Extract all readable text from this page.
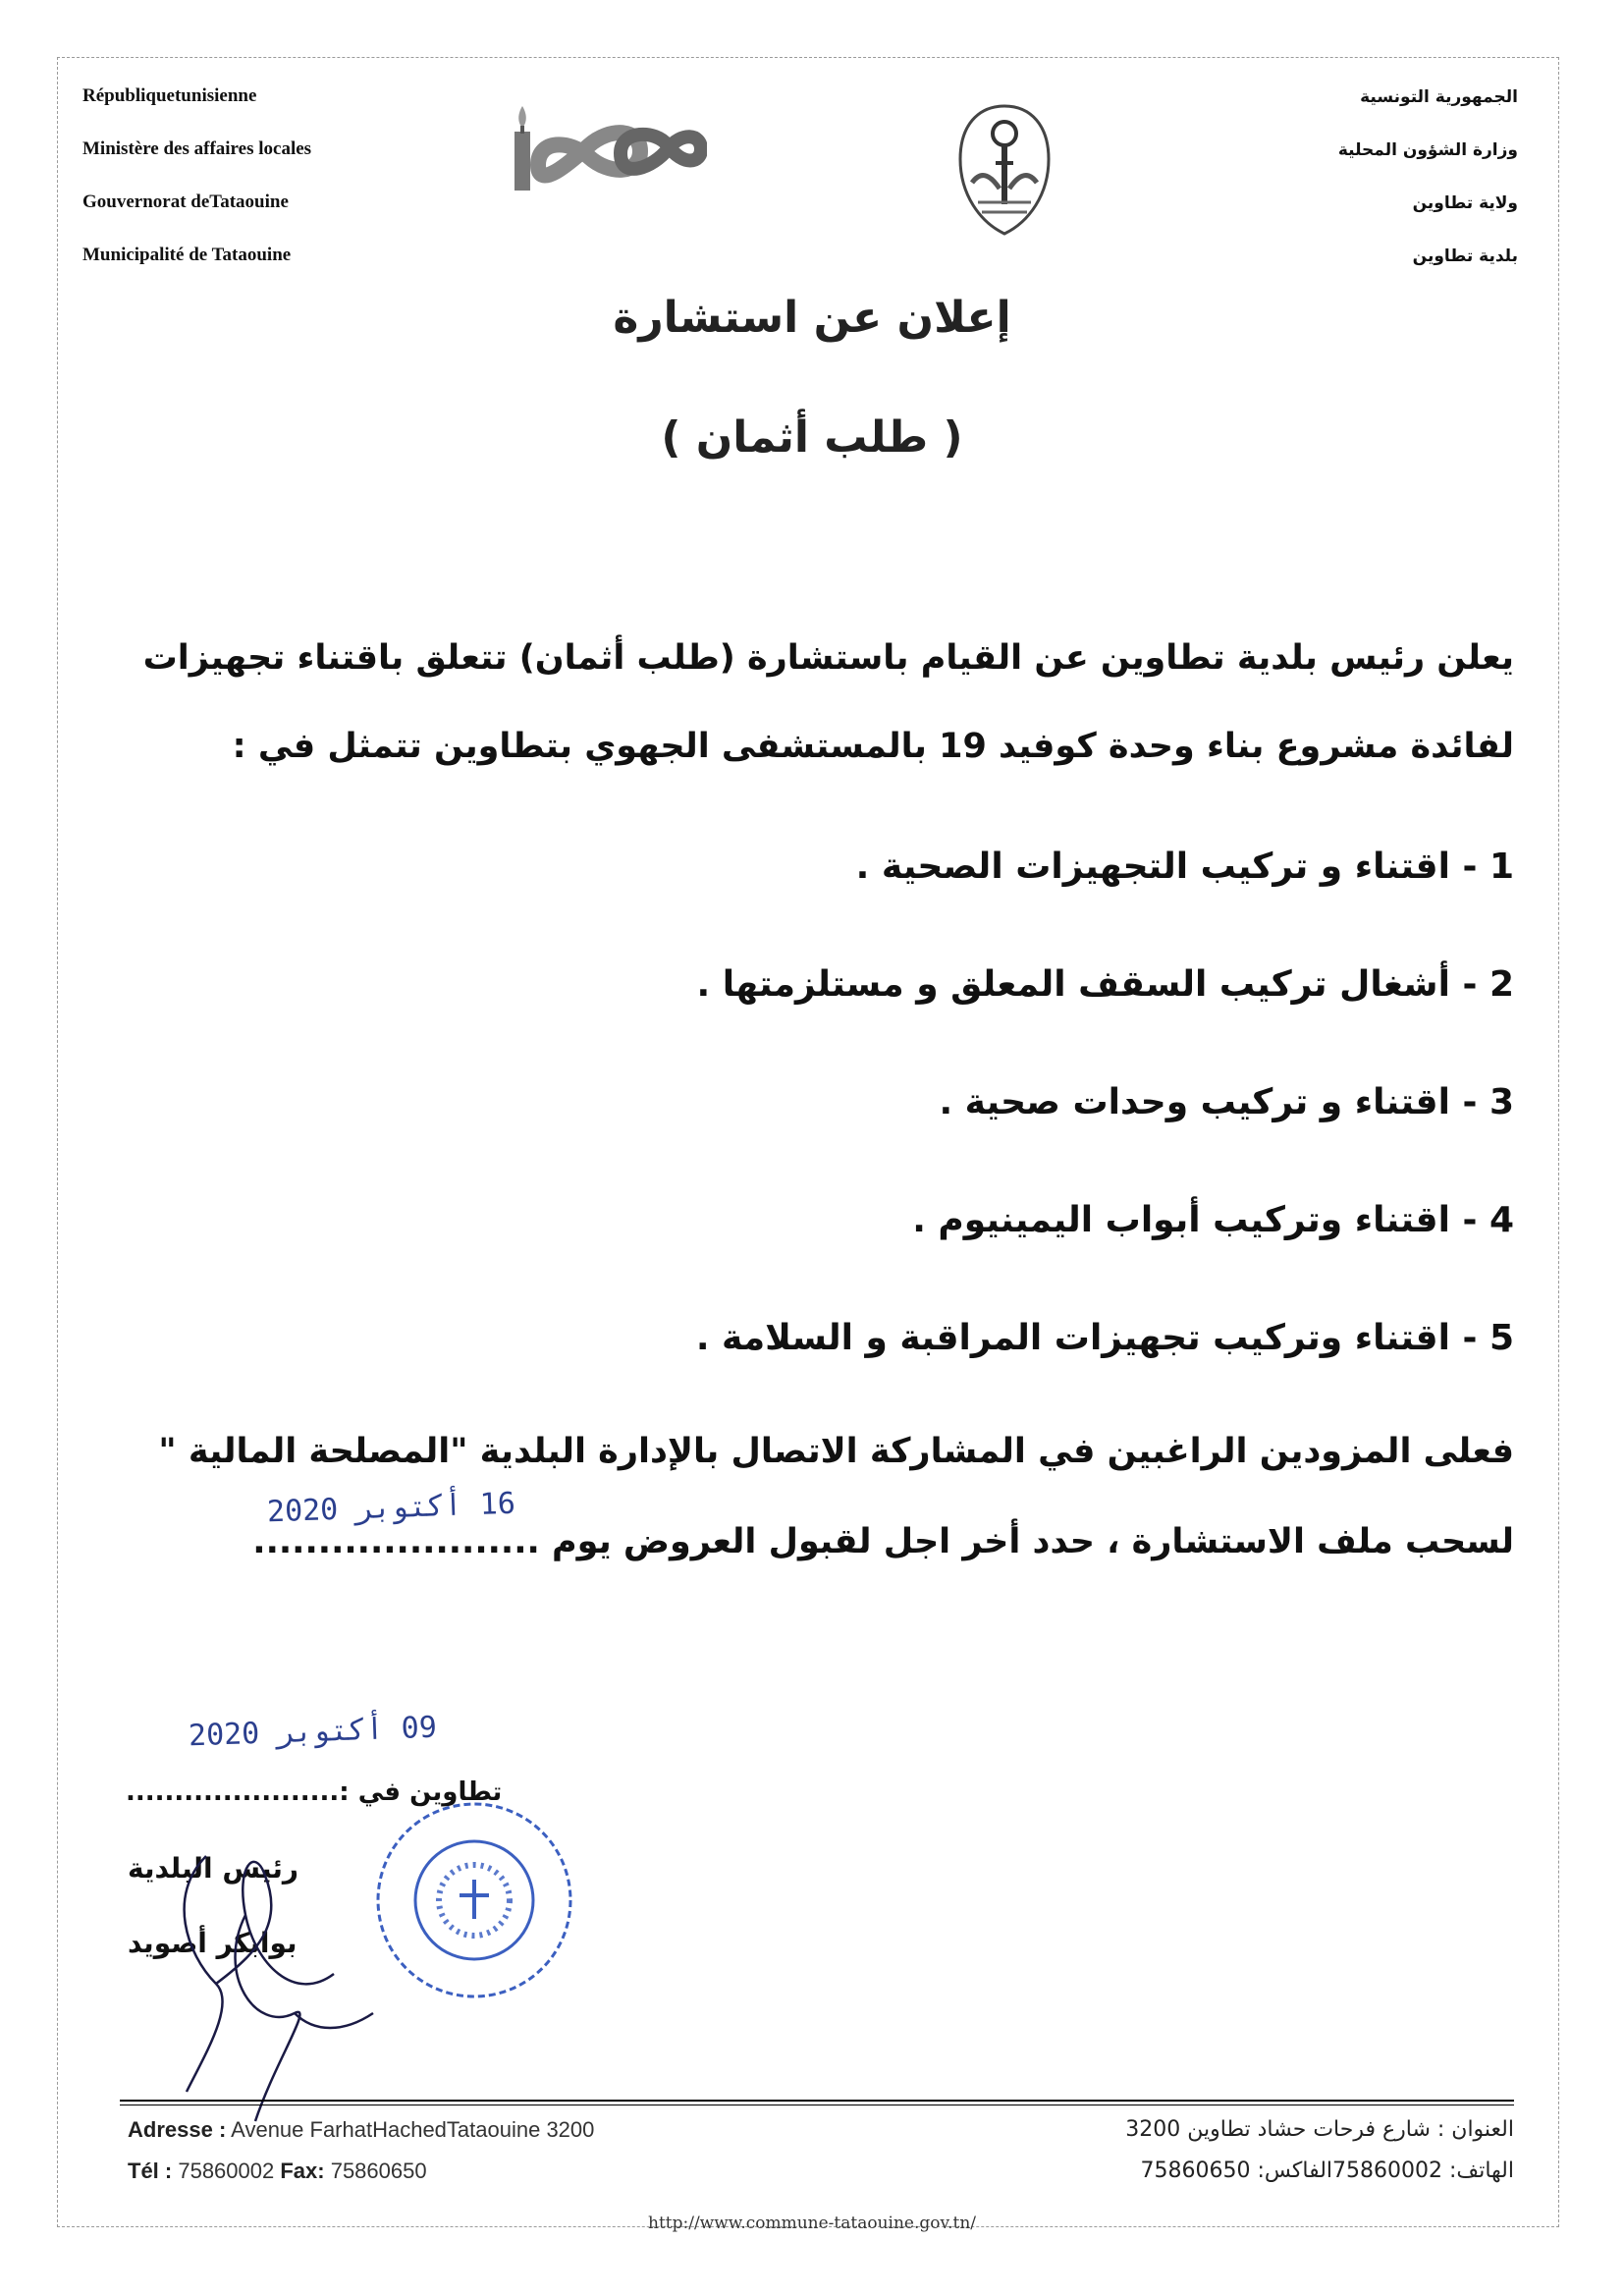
Républiquetunisienne
Ministère des affaires locales
Gouvernorat deTataouine
Municipalité de Tataouine
الجمهورية التونسية
وزارة الشؤون المحلية
ولاية تطاوين
بلدية تطاوين
إعلان عن استشارة
( طلب أثمان )
يعلن رئيس بلدية تطاوين عن القيام باستشارة (طلب أثمان) تتعلق باقتناء تجهيزات
لفائدة مشروع بناء وحدة كوفيد 19 بالمستشفى الجهوي بتطاوين تتمثل في :
1 - اقتناء و تركيب التجهيزات الصحية .
2 - أشغال تركيب السقف المعلق و مستلزمتها .
3 - اقتناء و تركيب وحدات صحية .
4 - اقتناء وتركيب أبواب اليمينيوم .
5 - اقتناء وتركيب تجهيزات المراقبة و السلامة .
فعلى المزودين الراغبين في المشاركة الاتصال بالإدارة البلدية "المصلحة المالية "
لسحب ملف الاستشارة ، حدد أخر اجل لقبول العروض يوم ......................
16 أكتوبر 2020
09 أكتوبر 2020
تطاوين في :......................
رئيس البلدية
بوابكر أصويد
Adresse : Avenue FarhatHachedTataouine 3200
Tél : 75860002 Fax: 75860650
العنوان : شارع فرحات حشاد تطاوين 3200
الهاتف: 75860002الفاكس: 75860650
http://www.commune-tataouine.gov.tn/
